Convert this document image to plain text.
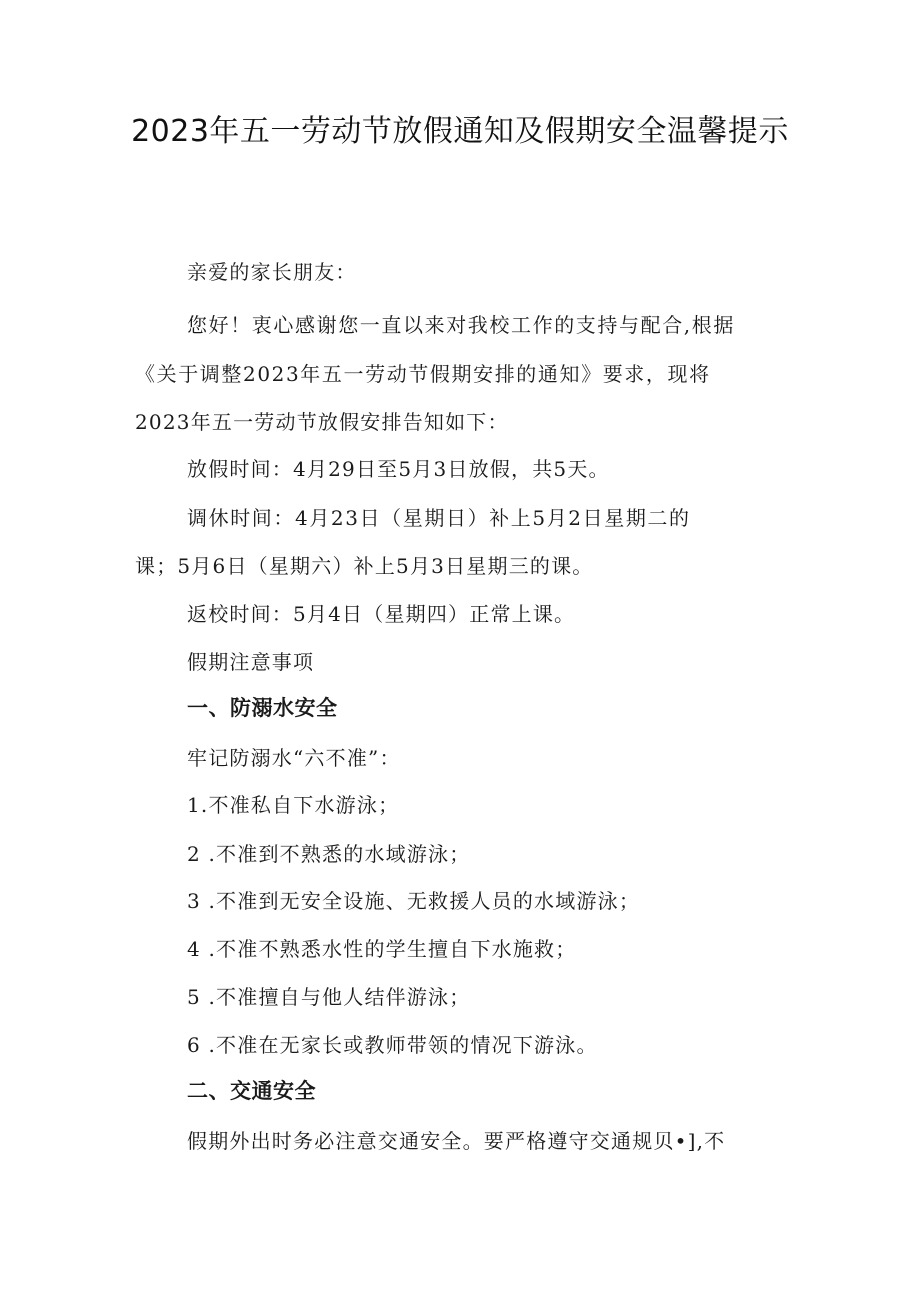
2023年五一劳动节放假通知及假期安全温馨提示
亲爱的家长朋友：
您好！衷心感谢您一直以来对我校工作的支持与配合,根据
《关于调整2023年五一劳动节假期安排的通知》要求，现将
2023年五一劳动节放假安排告知如下：
放假时间：4月29日至5月3日放假，共5天。
调休时间：4月23日（星期日）补上5月2日星期二的
课；5月6日（星期六）补上5月3日星期三的课。
返校时间：5月4日（星期四）正常上课。
假期注意事项
一、防溺水安全
牢记防溺水“六不准”：
1.不准私自下水游泳；
2 .不准到不熟悉的水域游泳；
3 .不准到无安全设施、无救援人员的水域游泳；
4 .不准不熟悉水性的学生擅自下水施救；
5 .不准擅自与他人结伴游泳；
6 .不准在无家长或教师带领的情况下游泳。
二、交通安全
假期外出时务必注意交通安全。要严格遵守交通规贝•],不
